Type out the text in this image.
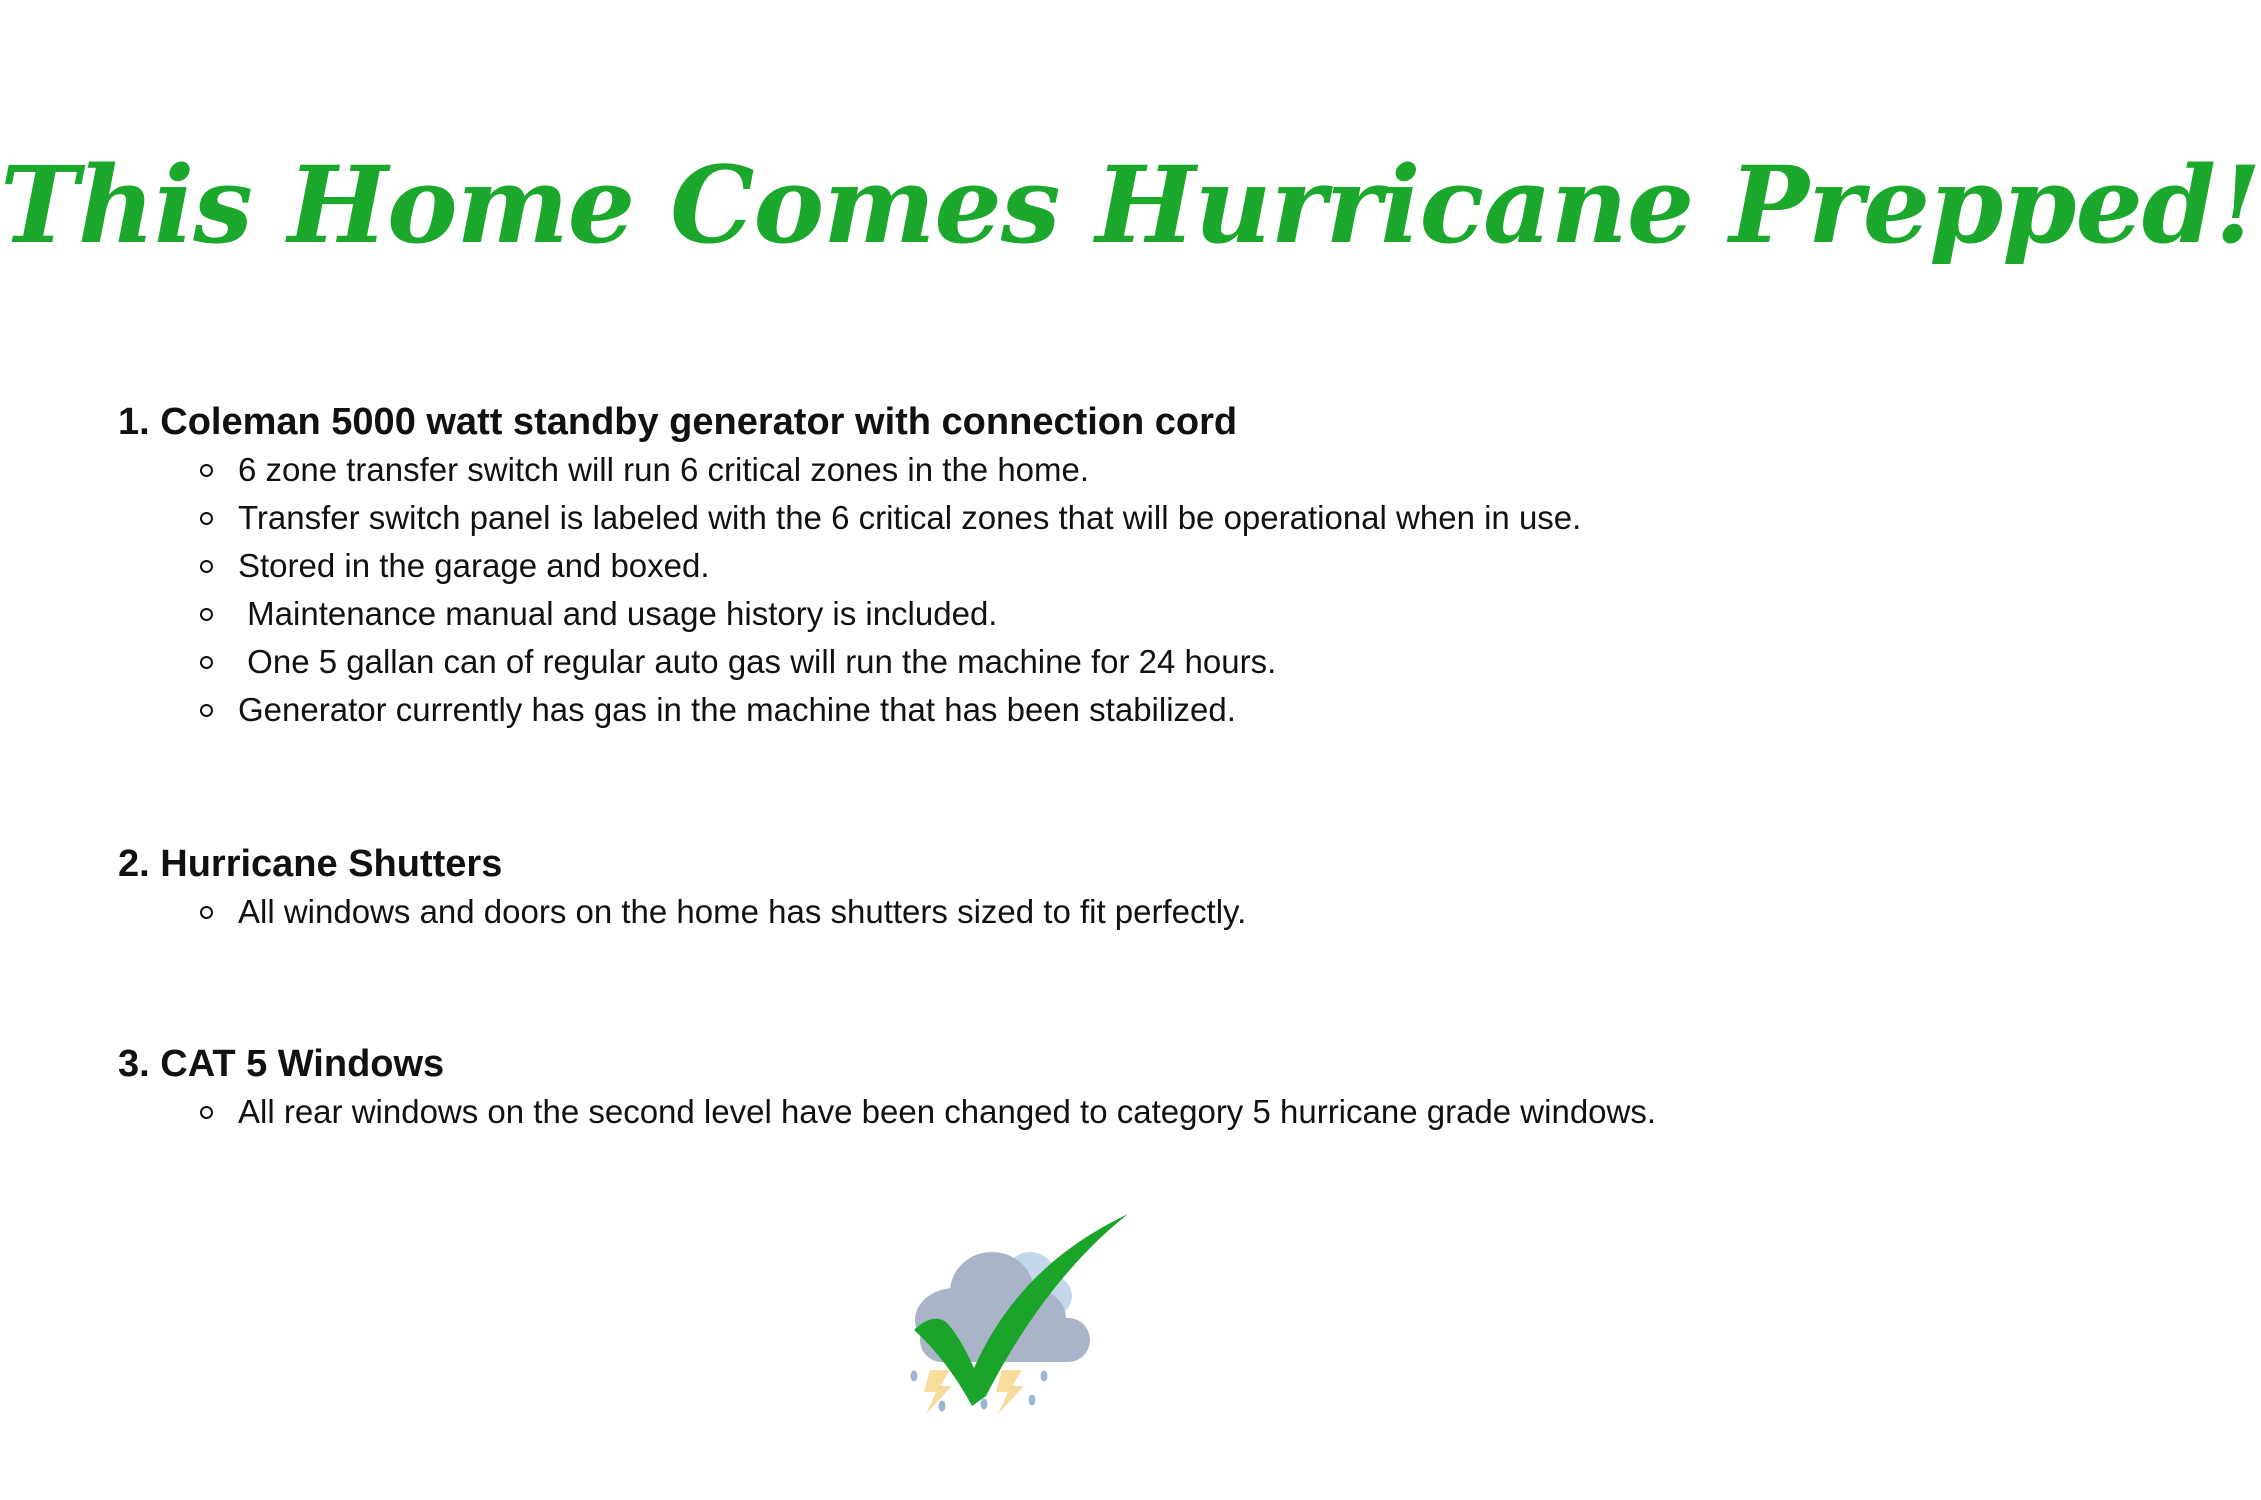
This Home Comes Hurricane Prepped!
1. Coleman 5000 watt standby generator with connection cord
6 zone transfer switch will run 6 critical zones in the home.
Transfer switch panel is labeled with the 6 critical zones that will be operational when in use.
Stored in the garage and boxed.
Maintenance manual and usage history is included.
One 5 gallan can of regular auto gas will run the machine for 24 hours.
Generator currently has gas in the machine that has been stabilized.
2. Hurricane Shutters
All windows and doors on the home has shutters sized to fit perfectly.
3. CAT 5 Windows
All rear windows on the second level have been changed to category 5 hurricane grade windows.
